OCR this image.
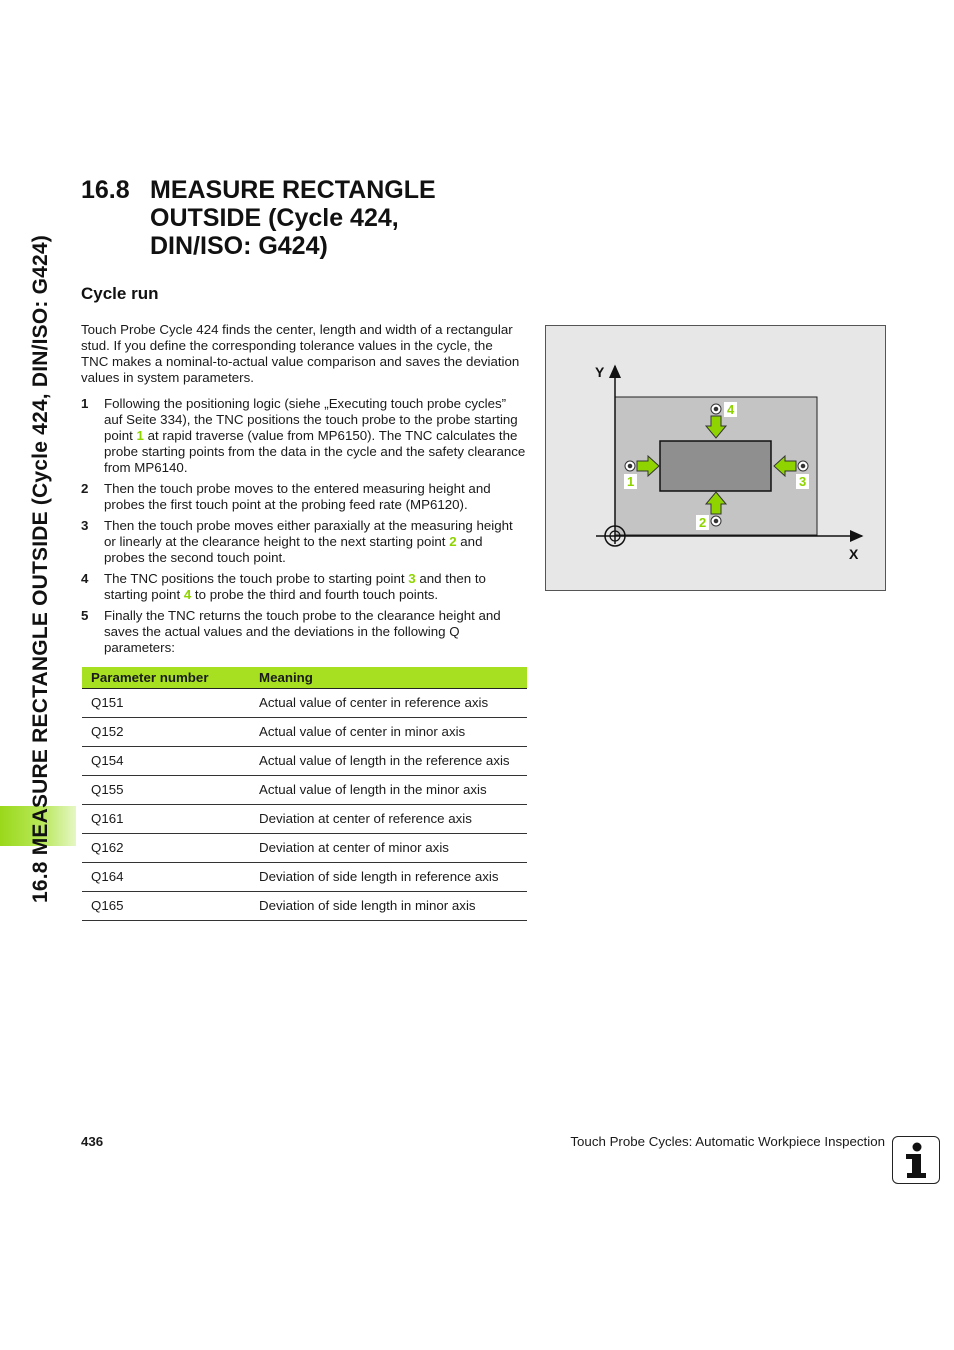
16.8 MEASURE RECTANGLE OUTSIDE (Cycle 424, DIN/ISO: G424)
16.8 MEASURE RECTANGLE
OUTSIDE (Cycle 424,
DIN/ISO: G424)
Cycle run
Touch Probe Cycle 424 finds the center, length and width of a rectangular stud. If you define the corresponding tolerance values in the cycle, the TNC makes a nominal-to-actual value comparison and saves the deviation values in system parameters.
1	Following the positioning logic (siehe „Executing touch probe cycles” auf Seite 334), the TNC positions the touch probe to the probe starting point 1 at rapid traverse (value from MP6150). The TNC calculates the probe starting points from the data in the cycle and the safety clearance from MP6140.
2	Then the touch probe moves to the entered measuring height and probes the first touch point at the probing feed rate (MP6120).
3	Then the touch probe moves either paraxially at the measuring height or linearly at the clearance height to the next starting point 2 and probes the second touch point.
4	The TNC positions the touch probe to starting point 3 and then to starting point 4 to probe the third and fourth touch points.
5	Finally the TNC returns the touch probe to the clearance height and saves the actual values and the deviations in the following Q parameters:
Parameter number	Meaning
Q151	Actual value of center in reference axis
Q152	Actual value of center in minor axis
Q154	Actual value of length in the reference axis
Q155	Actual value of length in the minor axis
Q161	Deviation at center of reference axis
Q162	Deviation at center of minor axis
Q164	Deviation of side length in reference axis
Q165	Deviation of side length in minor axis
Y
X
1
2
3
4
436	Touch Probe Cycles: Automatic Workpiece Inspection
